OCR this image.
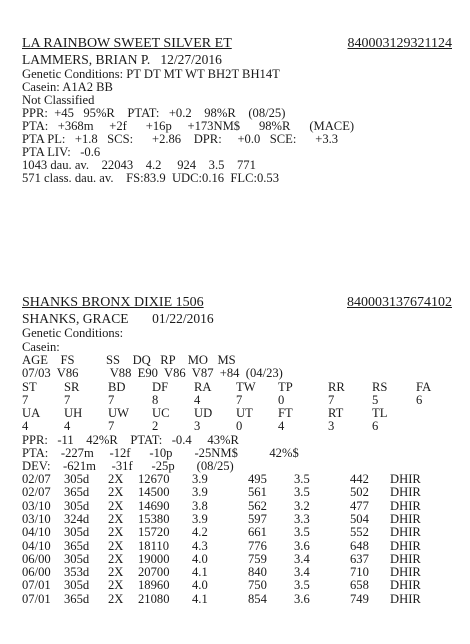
LA RAINBOW SWEET SILVER ET	840003129321124
LAMMERS, BRIAN P.   12/27/2016
Genetic Conditions: PT DT MT WT BH2T BH14T
Casein: A1A2 BB
Not Classified
PPR:  +45   95%R    PTAT:   +0.2    98%R    (08/25)
PTA:   +368m     +2f      +16p     +173NM$      98%R      (MACE)
PTA PL:   +1.8   SCS:      +2.86    DPR:     +0.0   SCE:      +3.3
PTA LIV:   -0.6
1043 dau. av.    22043    4.2     924    3.5    771
571 class. dau. av.    FS:83.9  UDC:0.16  FLC:0.53
SHANKS BRONX DIXIE 1506	840003137674102
SHANKS, GRACE       01/22/2016
Genetic Conditions:
Casein:
AGE    FS          SS    DQ   RP    MO   MS
07/03  V86          V88  E90  V86  V87  +84  (04/23)
ST SR BD DF RA TW TP	RR RS FA
7	7	7	8	4	7	0	7	5	6
UA UH UW UC UD UT FT	RT TL
4	4	7	2	3	0	4	3	6
PPR:   -11    42%R    PTAT:   -0.4     43%R
PTA:    -227m     -12f      -10p       -25NM$          42%$
DEV:    -621m     -31f      -25p       (08/25)
02/07 305d 2X 12670 3.9	495 3.5	442 DHIR
02/07 365d 2X 14500 3.9	561 3.5	502 DHIR
03/10 305d 2X 14690 3.8	562 3.2	477 DHIR
03/10 324d 2X 15380 3.9	597 3.3	504 DHIR
04/10 305d 2X 15720 4.2	661 3.5	552 DHIR
04/10 365d 2X 18110 4.3	776 3.6	648 DHIR
06/00 305d 2X 19000 4.0	759 3.4	637 DHIR
06/00 353d 2X 20700 4.1	840 3.4	710 DHIR
07/01 305d 2X 18960 4.0	750 3.5	658 DHIR
07/01 365d 2X 21080 4.1	854 3.6	749 DHIR
